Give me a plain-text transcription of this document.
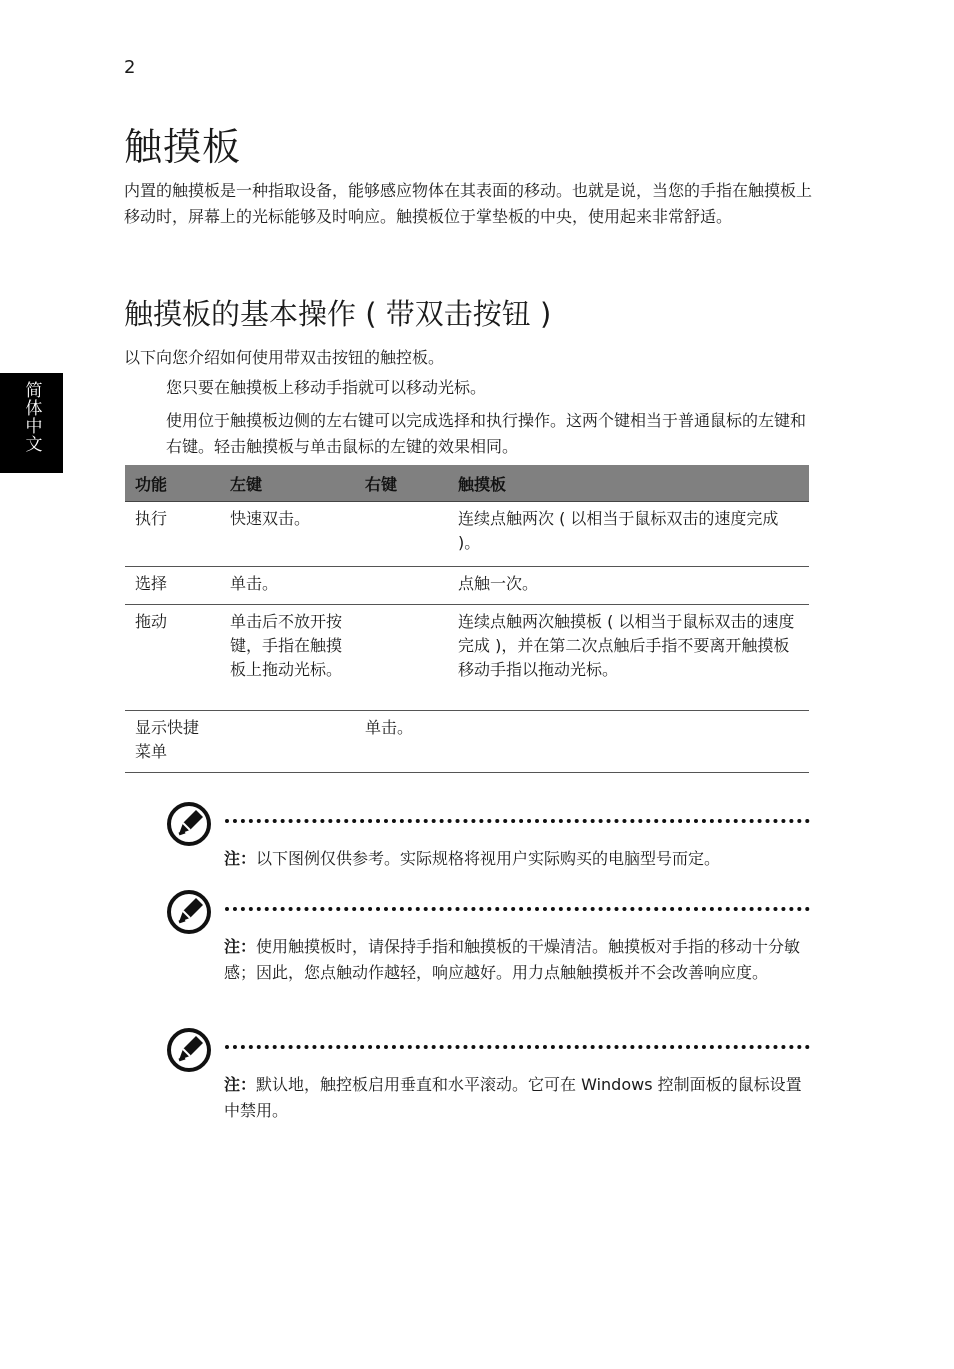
2
触摸板

内置的触摸板是一种指取设备，能够感应物体在其表面的移动。也就是说，当您的手指在触摸板上移动时，屏幕上的光标能够及时响应。触摸板位于掌垫板的中央，使用起来非常舒适。

简体中文
触摸板的基本操作 ( 带双击按钮 )

以下向您介绍如何使用带双击按钮的触控板。

您只要在触摸板上移动手指就可以移动光标。

使用位于触摸板边侧的左右键可以完成选择和执行操作。这两个键相当于普通鼠标的左键和右键。轻击触摸板与单击鼠标的左键的效果相同。

功能	左键	右键	触摸板
执行	快速双击。		连续点触两次 ( 以相当于鼠标双击的速度完成 )。
选择	单击。		点触一次。
拖动	单击后不放开按键，手指在触摸板上拖动光标。		连续点触两次触摸板 ( 以相当于鼠标双击的速度完成 )，并在第二次点触后手指不要离开触摸板移动手指以拖动光标。
显示快捷菜单		单击。	

注：以下图例仅供参考。实际规格将视用户实际购买的电脑型号而定。

注：使用触摸板时，请保持手指和触摸板的干燥清洁。触摸板对手指的移动十分敏感；因此，您点触动作越轻，响应越好。用力点触触摸板并不会改善响应度。

注：默认地，触控板启用垂直和水平滚动。它可在 Windows 控制面板的鼠标设置中禁用。
